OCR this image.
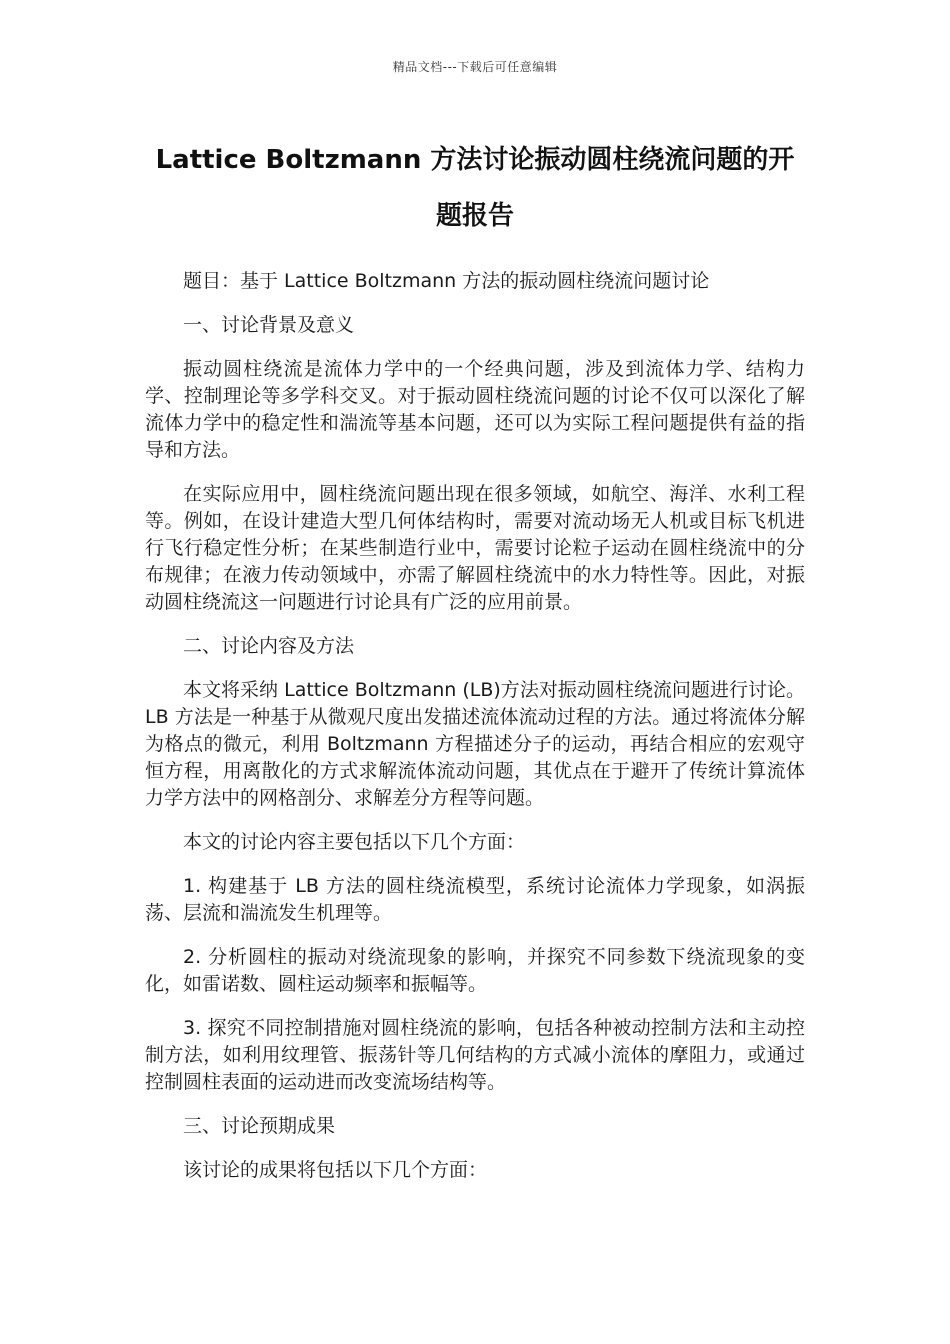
精品文档---下载后可任意编辑
Lattice Boltzmann 方法讨论振动圆柱绕流问题的开题报告

题目：基于 Lattice Boltzmann 方法的振动圆柱绕流问题讨论

一、讨论背景及意义

振动圆柱绕流是流体力学中的一个经典问题，涉及到流体力学、结构力学、控制理论等多学科交叉。对于振动圆柱绕流问题的讨论不仅可以深化了解流体力学中的稳定性和湍流等基本问题，还可以为实际工程问题提供有益的指导和方法。

在实际应用中，圆柱绕流问题出现在很多领域，如航空、海洋、水利工程等。例如，在设计建造大型几何体结构时，需要对流动场无人机或目标飞机进行飞行稳定性分析；在某些制造行业中，需要讨论粒子运动在圆柱绕流中的分布规律；在液力传动领域中，亦需了解圆柱绕流中的水力特性等。因此，对振动圆柱绕流这一问题进行讨论具有广泛的应用前景。

二、讨论内容及方法

本文将采纳 Lattice Boltzmann (LB)方法对振动圆柱绕流问题进行讨论。LB 方法是一种基于从微观尺度出发描述流体流动过程的方法。通过将流体分解为格点的微元，利用 Boltzmann 方程描述分子的运动，再结合相应的宏观守恒方程，用离散化的方式求解流体流动问题，其优点在于避开了传统计算流体力学方法中的网格剖分、求解差分方程等问题。

本文的讨论内容主要包括以下几个方面：

1. 构建基于 LB 方法的圆柱绕流模型，系统讨论流体力学现象，如涡振荡、层流和湍流发生机理等。

2. 分析圆柱的振动对绕流现象的影响，并探究不同参数下绕流现象的变化，如雷诺数、圆柱运动频率和振幅等。

3. 探究不同控制措施对圆柱绕流的影响，包括各种被动控制方法和主动控制方法，如利用纹理管、振荡针等几何结构的方式减小流体的摩阻力，或通过控制圆柱表面的运动进而改变流场结构等。

三、讨论预期成果

该讨论的成果将包括以下几个方面：
